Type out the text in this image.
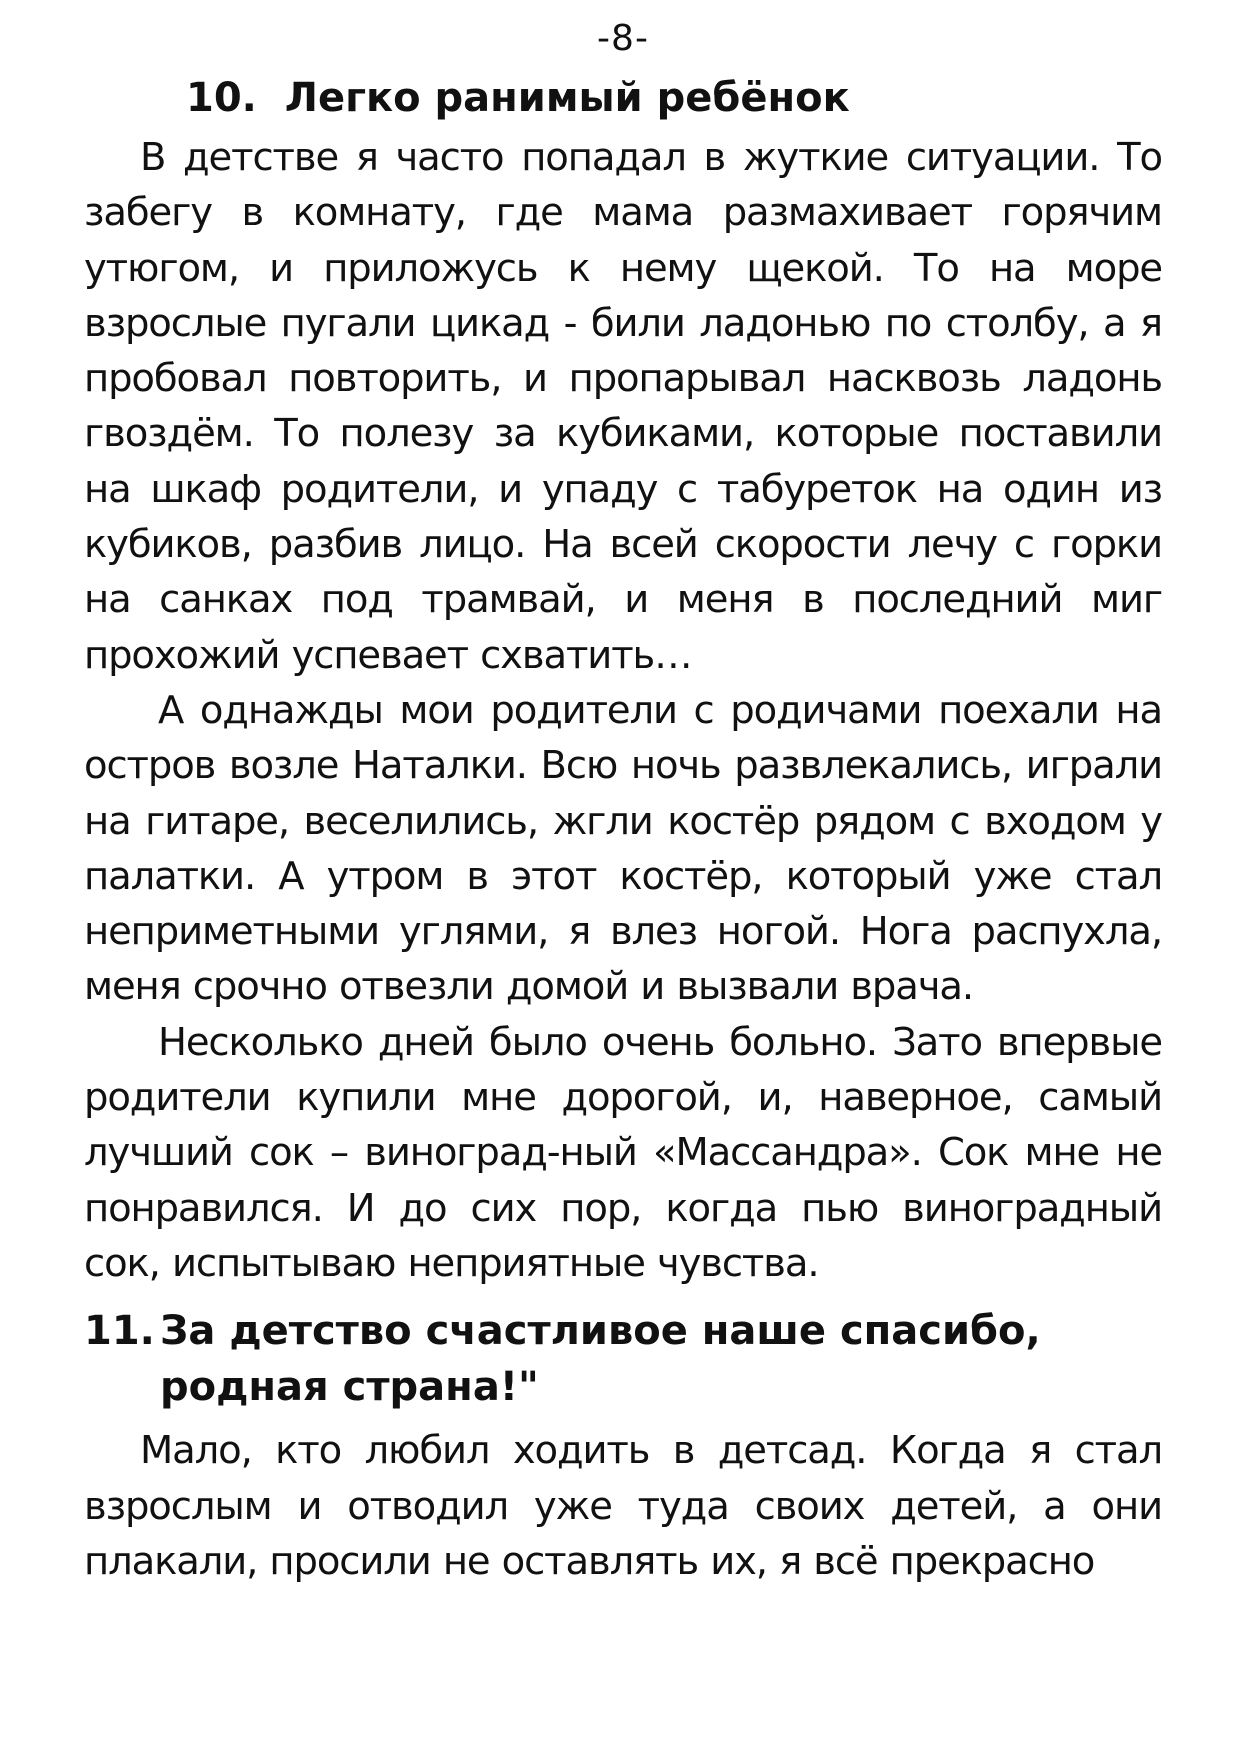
-8-
10. Легко ранимый ребёнок

В детстве я часто попадал в жуткие ситуации. То забегу в комнату, где мама размахивает горячим утюгом, и приложусь к нему щекой. То на море взрослые пугали цикад - били ладонью по столбу, а я пробовал повторить, и пропарывал насквозь ладонь гвоздём. То полезу за кубиками, которые поставили на шкаф родители, и упаду с табуреток на один из кубиков, разбив лицо. На всей скорости лечу с горки на санках под трамвай, и меня в последний миг прохожий успевает схватить…

А однажды мои родители с родичами поехали на остров возле Наталки. Всю ночь развлекались, играли на гитаре, веселились, жгли костёр рядом с входом у палатки. А утром в этот костёр, который уже стал неприметными углями, я влез ногой. Нога распухла, меня срочно отвезли домой и вызвали врача.

Несколько дней было очень больно. Зато впервые родители купили мне дорогой, и, наверное, самый лучший сок – виноград-ный «Массандра». Сок мне не понравился. И до сих пор, когда пью виноградный сок, испытываю неприятные чувства.

11. За детство счастливое наше спасибо, родная страна!"

Мало, кто любил ходить в детсад. Когда я стал взрослым и отводил уже туда своих детей, а они плакали, просили не оставлять их, я всё прекрасно
